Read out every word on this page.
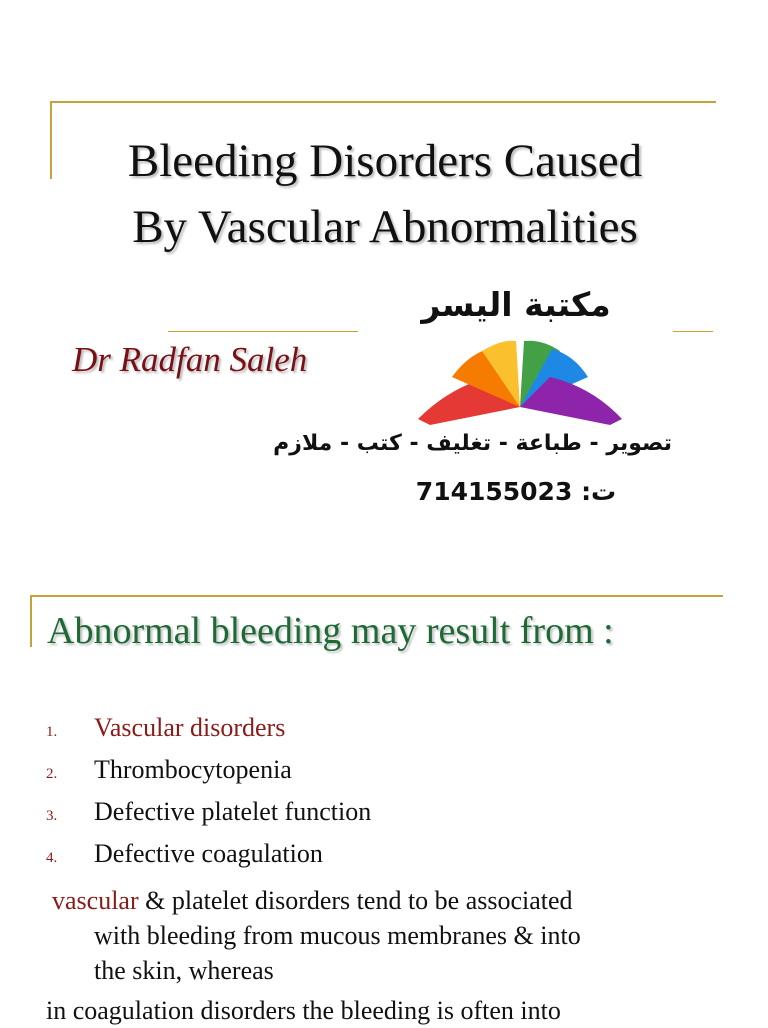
Bleeding Disorders Caused
By Vascular Abnormalities
Dr Radfan Saleh
مكتبة اليسر
تصوير - طباعة - تغليف - كتب - ملازم
ت: 714155023
Abnormal bleeding may result from :
1.	Vascular disorders
2.	Thrombocytopenia
3.	Defective platelet function
4.	Defective coagulation
vascular & platelet disorders tend to be associated
with bleeding from mucous membranes & into
the skin, whereas
in coagulation disorders the bleeding is often into
